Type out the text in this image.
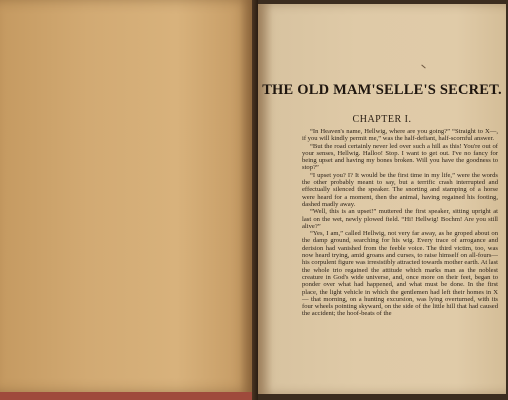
THE OLD MAM'SELLE'S SECRET.
CHAPTER I.

“In Heaven's name, Hellwig, where are you going?” “Straight to X—, if you will kindly permit me,” was the half-defiant, half-scornful answer.

“But the road certainly never led over such a hill as this! You're out of your senses, Hellwig. Halloo! Stop. I want to get out. I've no fancy for being upset and having my bones broken. Will you have the goodness to stop?”

“I upset you? I? It would be the first time in my life,” were the words the other probably meant to say, but a terrific crash interrupted and effectually silenced the speaker. The snorting and stamping of a horse were heard for a moment, then the animal, having regained his footing, dashed madly away.

“Well, this is an upset!” muttered the first speaker, sitting upright at last on the wet, newly plowed field. “Hi! Hellwig! Bochm! Are you still alive?”

“Yes, I am,” called Hellwig, not very far away, as he groped about on the damp ground, searching for his wig. Every trace of arrogance and derision had vanished from the feeble voice. The third victim, too, was now heard trying, amid groans and curses, to raise himself on all-fours—his corpulent figure was irresistibly attracted towards mother earth. At last the whole trio regained the attitude which marks man as the noblest creature in God's wide universe, and, once more on their feet, began to ponder over what had happened, and what must be done. In the first place, the light vehicle in which the gentlemen had left their homes in X— that morning, on a hunting excursion, was lying overturned, with its four wheels pointing skyward, on the side of the little hill that had caused the accident; the hoof-beats of the
